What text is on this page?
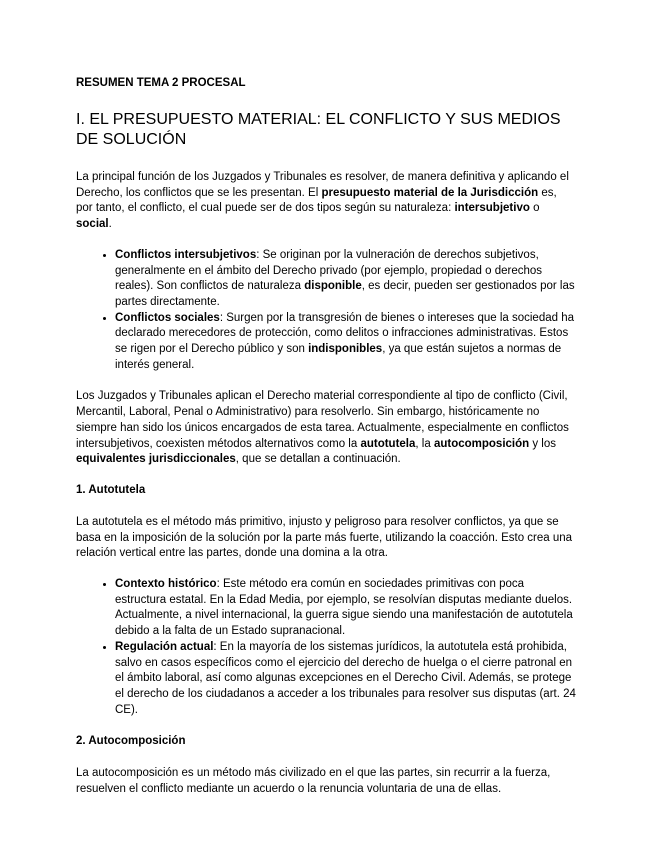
RESUMEN TEMA 2 PROCESAL
I. EL PRESUPUESTO MATERIAL: EL CONFLICTO Y SUS MEDIOS DE SOLUCIÓN

La principal función de los Juzgados y Tribunales es resolver, de manera definitiva y aplicando el Derecho, los conflictos que se les presentan. El presupuesto material de la Jurisdicción es, por tanto, el conflicto, el cual puede ser de dos tipos según su naturaleza: intersubjetivo o social.

• Conflictos intersubjetivos: Se originan por la vulneración de derechos subjetivos, generalmente en el ámbito del Derecho privado (por ejemplo, propiedad o derechos reales). Son conflictos de naturaleza disponible, es decir, pueden ser gestionados por las partes directamente.
• Conflictos sociales: Surgen por la transgresión de bienes o intereses que la sociedad ha declarado merecedores de protección, como delitos o infracciones administrativas. Estos se rigen por el Derecho público y son indisponibles, ya que están sujetos a normas de interés general.

Los Juzgados y Tribunales aplican el Derecho material correspondiente al tipo de conflicto (Civil, Mercantil, Laboral, Penal o Administrativo) para resolverlo. Sin embargo, históricamente no siempre han sido los únicos encargados de esta tarea. Actualmente, especialmente en conflictos intersubjetivos, coexisten métodos alternativos como la autotutela, la autocomposición y los equivalentes jurisdiccionales, que se detallan a continuación.

1. Autotutela

La autotutela es el método más primitivo, injusto y peligroso para resolver conflictos, ya que se basa en la imposición de la solución por la parte más fuerte, utilizando la coacción. Esto crea una relación vertical entre las partes, donde una domina a la otra.

• Contexto histórico: Este método era común en sociedades primitivas con poca estructura estatal. En la Edad Media, por ejemplo, se resolvían disputas mediante duelos. Actualmente, a nivel internacional, la guerra sigue siendo una manifestación de autotutela debido a la falta de un Estado supranacional.
• Regulación actual: En la mayoría de los sistemas jurídicos, la autotutela está prohibida, salvo en casos específicos como el ejercicio del derecho de huelga o el cierre patronal en el ámbito laboral, así como algunas excepciones en el Derecho Civil. Además, se protege el derecho de los ciudadanos a acceder a los tribunales para resolver sus disputas (art. 24 CE).
2. Autocomposición

La autocomposición es un método más civilizado en el que las partes, sin recurrir a la fuerza, resuelven el conflicto mediante un acuerdo o la renuncia voluntaria de una de ellas.
